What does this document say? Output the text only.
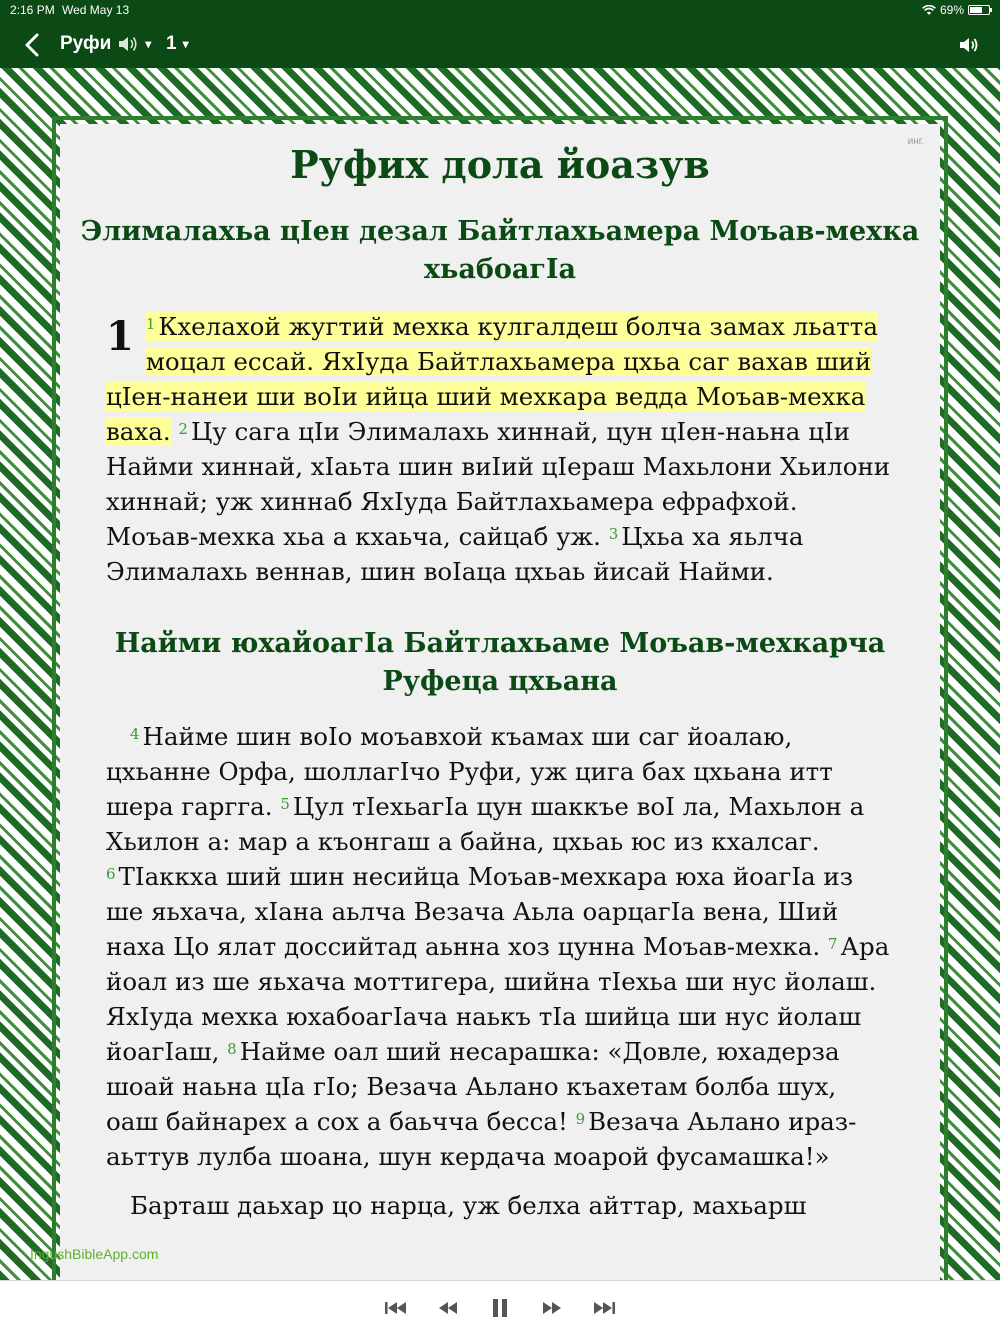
2:16 PM Wed May 13	69%
Руфи	▾ 1 ▾
инг.
Руфих дола йоазув
Элималахьа цIен дезал Байтлахьамера Моъав-мехка хьабоагIа
1 $^1$ Кхелахой жугтий мехка кулгалдеш болча замах льатта моцал ессай. ЯхIуда Байтлахьамера цхьа саг вахав ший цIен-нанеи ши воIи ийца ший мехкара ведда Моъав-мехка ваха. $^2$ Цу сага цIи Элималахь хиннай, цун цIен-наьна цIи Найми хиннай, хIаьта шин виIий цIераш Махьлони Хьилони хиннай; уж хиннаб ЯхIуда Байтлахьамера ефрафхой. Моъав-мехка хьа а кхаьча, сайцаб уж. $^3$ Цхьа ха яьлча Элималахь веннав, шин воIаца цхьаь йисай Найми.
Найми юхайоагIа Байтлахьаме Моъав-мехкарча Руфеца цхьана
$^4$ Найме шин воIо моъавхой къамах ши саг йоалаю, цхьанне Орфа, шоллагIчо Руфи, уж цига бах цхьана итт шера гаргга. $^5$ Цул тIехьагIа цун шаккъе воI ла, Махьлон а Хьилон а: мар а къонгаш а байна, цхьаь юс из кхалсаг. $^6$ ТIаккха ший шин несийца Моъав-мехкара юха йоагIа из ше яьхача, хIана аьлча Везача Аьла оарцагIа вена, Ший наха Цо ялат доссийтад аьнна хоз цунна Моъав-мехка. $^7$ Ара йоал из ше яьхача моттигера, шийна тIехьа ши нус йолаш. ЯхIуда мехка юхабоагIача наькъ тIа шийца ши нус йолаш йоагIаш, $^8$ Найме оал ший несарашка: «Довле, юхадерза шоай наьна цIа гIо; Везача Аьлано къахетам болба шух, оаш байнарех а сох а баьчча бесса! $^9$ Везача Аьлано ираз-аьттув лулба шоана, шун кердача моарой фусамашка!»
Барташ даьхар цо нарца, уж белха айттар, махьарш
IngushBibleApp.com
